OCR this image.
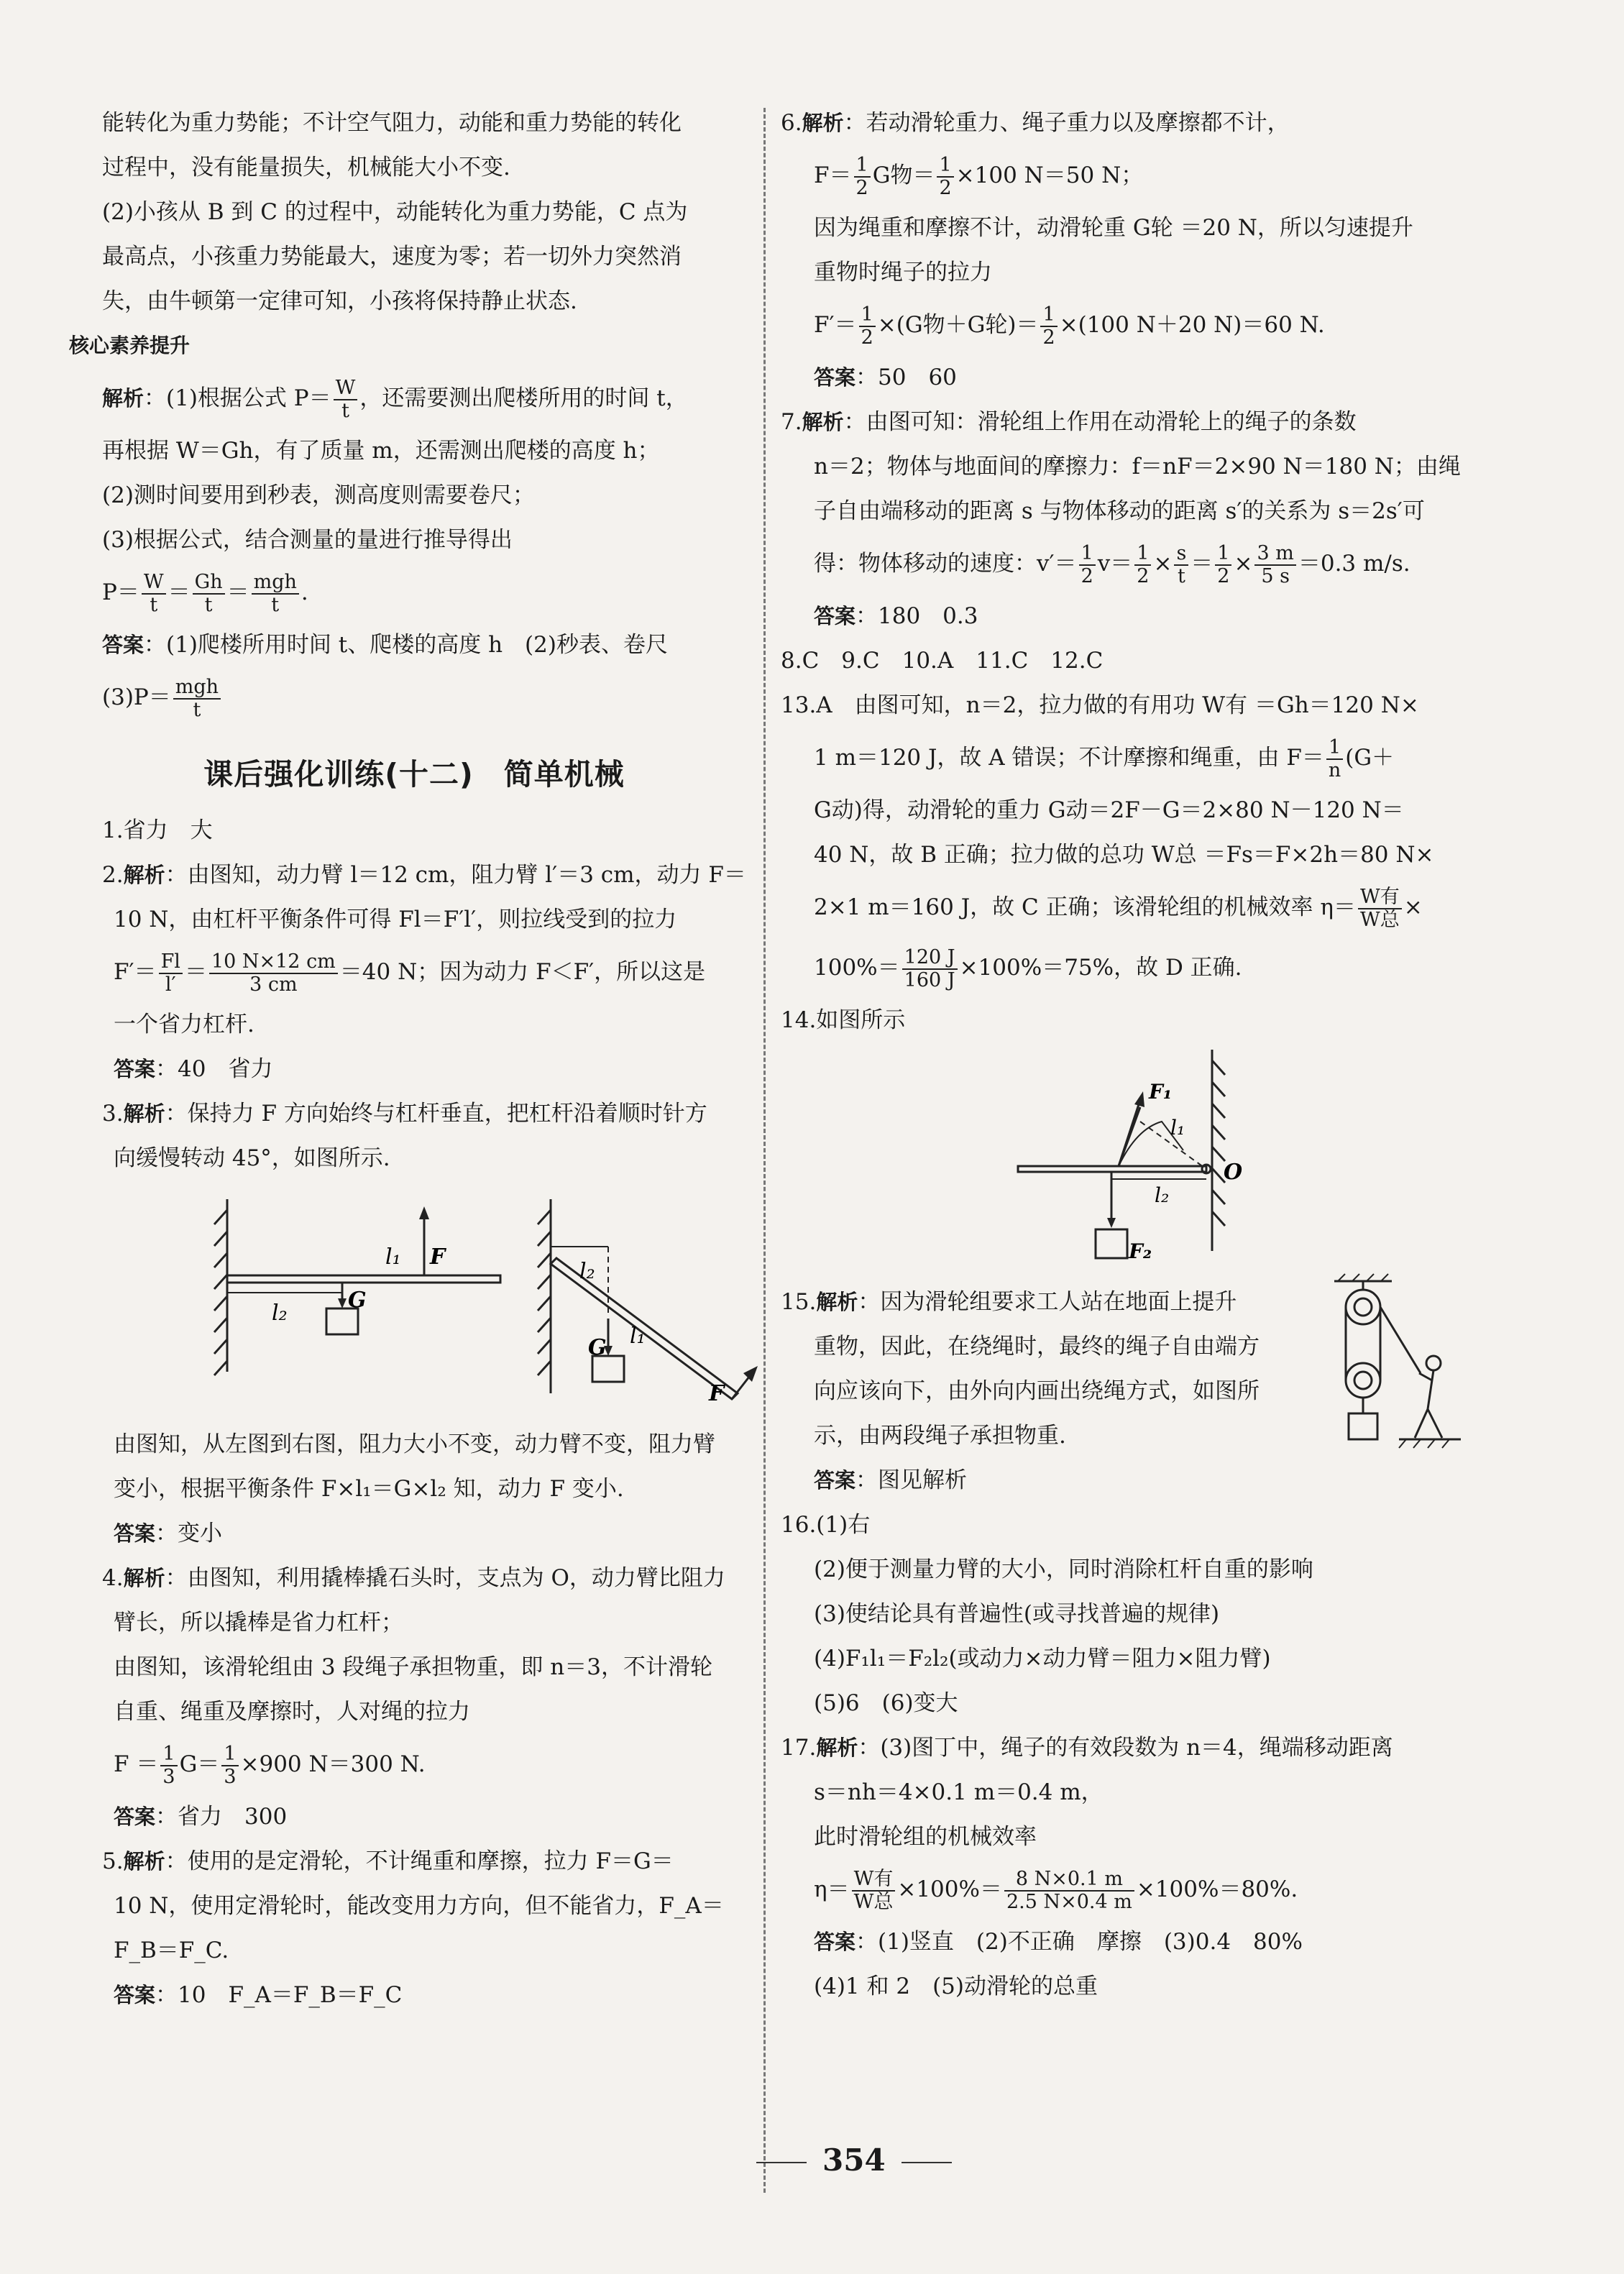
能转化为重力势能；不计空气阻力，动能和重力势能的转化

过程中，没有能量损失，机械能大小不变.

(2)小孩从 B 到 C 的过程中，动能转化为重力势能，C 点为

最高点，小孩重力势能最大，速度为零；若一切外力突然消

失，由牛顿第一定律可知，小孩将保持静止状态.

核心素养提升

解析：(1)根据公式 $P= \frac{W}{t}$ ，还需要测出爬楼所用的时间 t，

再根据 W＝Gh，有了质量 m，还需测出爬楼的高度 h；

(2)测时间要用到秒表，测高度则需要卷尺；

(3)根据公式，结合测量的量进行推导得出

$P= \frac{W}{t} = \frac{Gh}{t}$ ＝ mgh
t .

答案：(1)爬楼所用时间 t、爬楼的高度 h　(2)秒表、卷尺

(3)P＝ mgh
t

课后强化训练(十二)　简单机械

1.省力　大

2.解析：由图知，动力臂 l＝12 cm，阻力臂 l′＝3 cm，动力 F＝

10 N，由杠杆平衡条件可得 Fl＝F′l′，则拉线受到的拉力

$F'= \frac{Fl}{l'} = \frac{10 N\times 12 cm}{3 cm} =40$ N；因为动力 F＜F′，所以这是

一个省力杠杆.

答案：40　省力

3.解析：保持力 F 方向始终与杠杆垂直，把杠杆沿着顺时针方

向缓慢转动 45°，如图所示.

l₁
l₂
G
F
l₂
l₁
G
F

由图知，从左图到右图，阻力大小不变，动力臂不变，阻力臂

变小，根据平衡条件 F×l₁＝G×l₂ 知，动力 F 变小.

答案：变小

4.解析：由图知，利用撬棒撬石头时，支点为 O，动力臂比阻力

臂长，所以撬棒是省力杠杆；

由图知，该滑轮组由 3 段绳子承担物重，即 n＝3，不计滑轮

自重、绳重及摩擦时，人对绳的拉力

$F = \frac{1}{3} G= \frac{1}{3} \times 900$ N＝300 N.

答案：省力　300

5.解析：使用的是定滑轮，不计绳重和摩擦，拉力 F＝G＝

10 N，使用定滑轮时，能改变用力方向，但不能省力，F_A＝

F_B＝F_C.

答案：10　F_A＝F_B＝F_C

6.解析：若动滑轮重力、绳子重力以及摩擦都不计，

$F= \frac{1}{2}$ G物＝ $\frac{1}{2} \times 100$ N＝50 N；

因为绳重和摩擦不计，动滑轮重 G轮 ＝20 N，所以匀速提升

重物时绳子的拉力

$F'= \frac{1}{2} \times(G$物＋G轮)＝ $\frac{1}{2} \times(100$ N＋20 N)＝60 N.

答案：50　60

7.解析：由图可知：滑轮组上作用在动滑轮上的绳子的条数

n＝2；物体与地面间的摩擦力：f＝nF＝2×90 N＝180 N；由绳

子自由端移动的距离 s 与物体移动的距离 s′的关系为 s＝2s′可

得：物体移动的速度：$v'= \frac{1}{2} v= \frac{1}{2} \times \frac{s}{t} = \frac{1}{2} \times \frac{3 m}{5 s} =0.3$ m/s.

答案：180　0.3

8.C　9.C　10.A　11.C　12.C

13.A　由图可知，n＝2，拉力做的有用功 W有 ＝Gh＝120 N×

1 m＝120 J，故 A 错误；不计摩擦和绳重，由 $F= \frac{1}{n} (G+$

G动)得，动滑轮的重力 G动＝2F－G＝2×80 N－120 N＝

40 N，故 B 正确；拉力做的总功 W总 ＝Fs＝F×2h＝80 N×

2×1 m＝160 J，故 C 正确；该滑轮组的机械效率 η＝ W有
W总 ×

$100\%= \frac{120 J}{160 J} \times 100\%=75\%$，故 D 正确.

14.如图所示

F₁
l₁
l₂
O
F₂

15.解析：因为滑轮组要求工人站在地面上提升

重物，因此，在绕绳时，最终的绳子自由端方

向应该向下，由外向内画出绕绳方式，如图所

示，由两段绳子承担物重.

答案：图见解析

16.(1)右

(2)便于测量力臂的大小，同时消除杠杆自重的影响

(3)使结论具有普遍性(或寻找普遍的规律)

(4)F₁l₁＝F₂l₂(或动力×动力臂＝阻力×阻力臂)

(5)6　(6)变大

17.解析：(3)图丁中，绳子的有效段数为 n＝4，绳端移动距离

s＝nh＝4×0.1 m＝0.4 m，

此时滑轮组的机械效率

η＝ W有
W总 $\times 100\%= \frac{8 N\times 0.1 m}{2.5 N\times 0.4 m} \times 100\%=80\%$.

答案：(1)竖直　(2)不正确　摩擦　(3)0.4　80%

(4)1 和 2　(5)动滑轮的总重

354
